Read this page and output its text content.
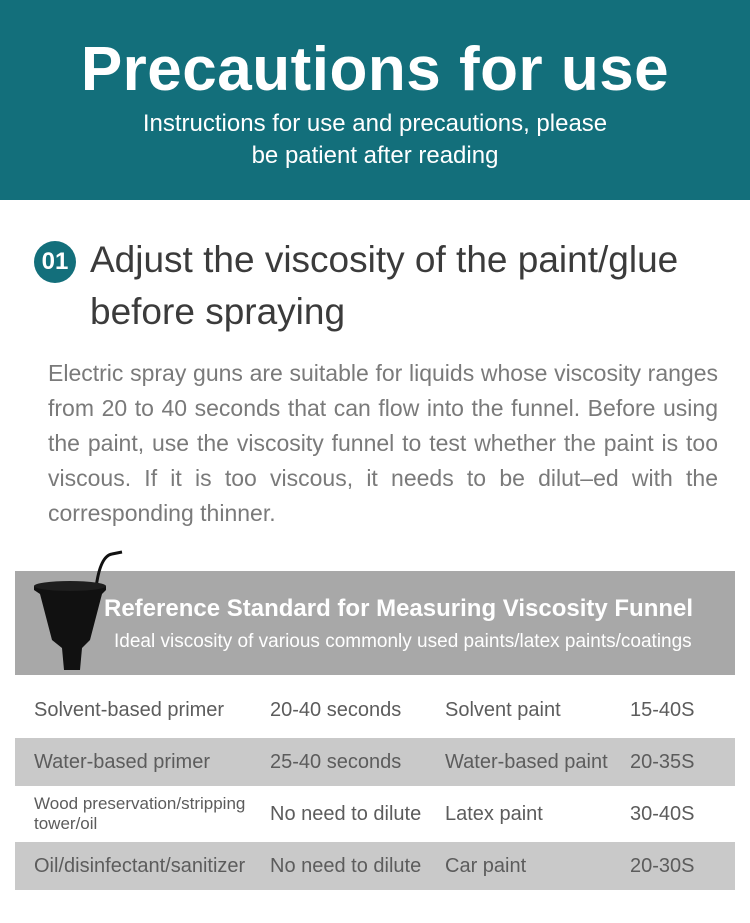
Precautions for use
Instructions for use and precautions, please
be patient after reading
01 Adjust the viscosity of the paint/glue
before spraying
Electric spray guns are suitable for liquids whose viscosity ranges from 20 to 40 seconds that can flow into the funnel. Before using the paint, use the viscosity funnel to test whether the paint is too viscous. If it is too viscous, it needs to be dilut–ed with the corresponding thinner.
Reference Standard for Measuring Viscosity Funnel
Ideal viscosity of various commonly used paints/latex paints/coatings
Solvent-based primer	20-40 seconds	Solvent paint	15-40S
Water-based primer	25-40 seconds	Water-based paint	20-35S
Wood preservation/stripping tower/oil	No need to dilute	Latex paint	30-40S
Oil/disinfectant/sanitizer	No need to dilute	Car paint	20-30S
